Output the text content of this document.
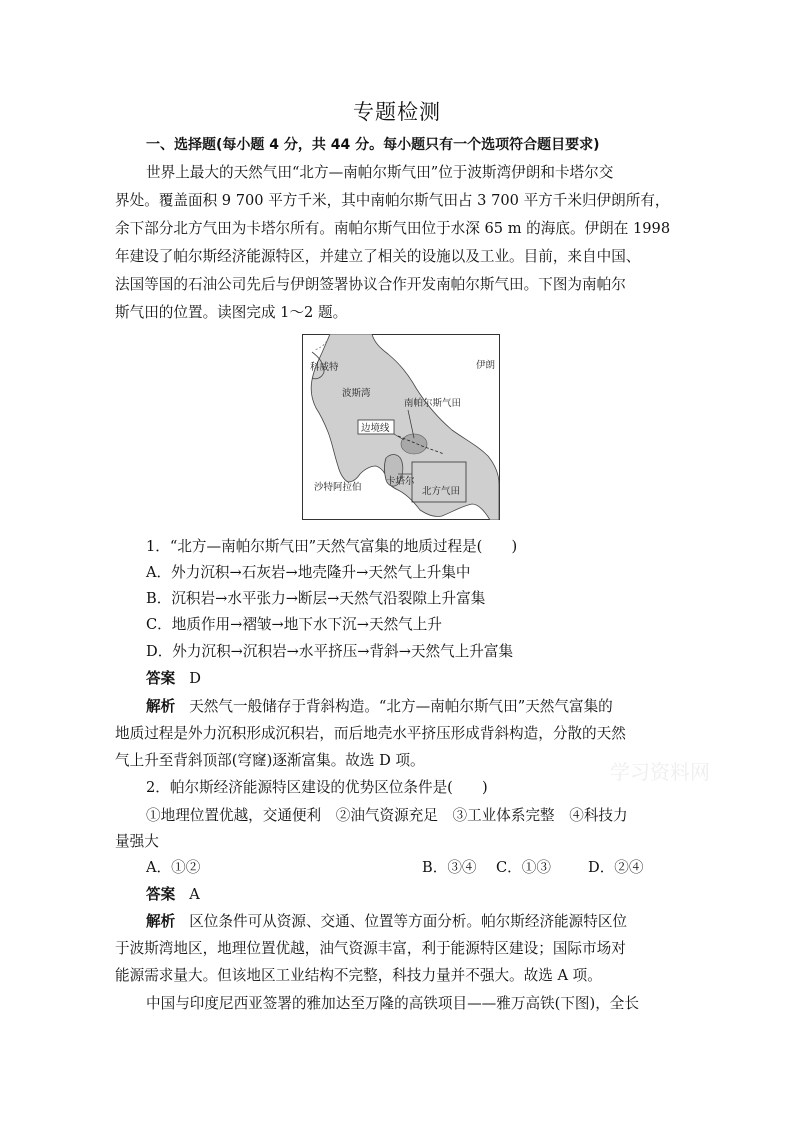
专题检测
一、选择题(每小题 4 分，共 44 分。每小题只有一个选项符合题目要求)
世界上最大的天然气田“北方—南帕尔斯气田”位于波斯湾伊朗和卡塔尔交
界处。覆盖面积 9 700 平方千米，其中南帕尔斯气田占 3 700 平方千米归伊朗所有，
余下部分北方气田为卡塔尔所有。南帕尔斯气田位于水深 65 m 的海底。伊朗在 1998
年建设了帕尔斯经济能源特区，并建立了相关的设施以及工业。目前，来自中国、
法国等国的石油公司先后与伊朗签署协议合作开发南帕尔斯气田。下图为南帕尔
斯气田的位置。读图完成 1～2 题。
科威特	伊朗
波斯湾
南帕尔斯气田
边境线
卡塔尔
沙特阿拉伯	北方气田
1．“北方—南帕尔斯气田”天然气富集的地质过程是(　　)
A．外力沉积→石灰岩→地壳隆升→天然气上升集中
B．沉积岩→水平张力→断层→天然气沿裂隙上升富集
C．地质作用→褶皱→地下水下沉→天然气上升
D．外力沉积→沉积岩→水平挤压→背斜→天然气上升富集
答案 D
解析 天然气一般储存于背斜构造。“北方—南帕尔斯气田”天然气富集的
地质过程是外力沉积形成沉积岩，而后地壳水平挤压形成背斜构造，分散的天然
气上升至背斜顶部(穹窿)逐渐富集。故选 D 项。
2．帕尔斯经济能源特区建设的优势区位条件是(　　)
①地理位置优越，交通便利　②油气资源充足　③工业体系完整　④科技力
量强大
A．①②	B．③④ C．①③	D．②④
答案 A
解析 区位条件可从资源、交通、位置等方面分析。帕尔斯经济能源特区位
于波斯湾地区，地理位置优越，油气资源丰富，利于能源特区建设；国际市场对
能源需求量大。但该地区工业结构不完整，科技力量并不强大。故选 A 项。
中国与印度尼西亚签署的雅加达至万隆的高铁项目——雅万高铁(下图)，全长
学习资料网
